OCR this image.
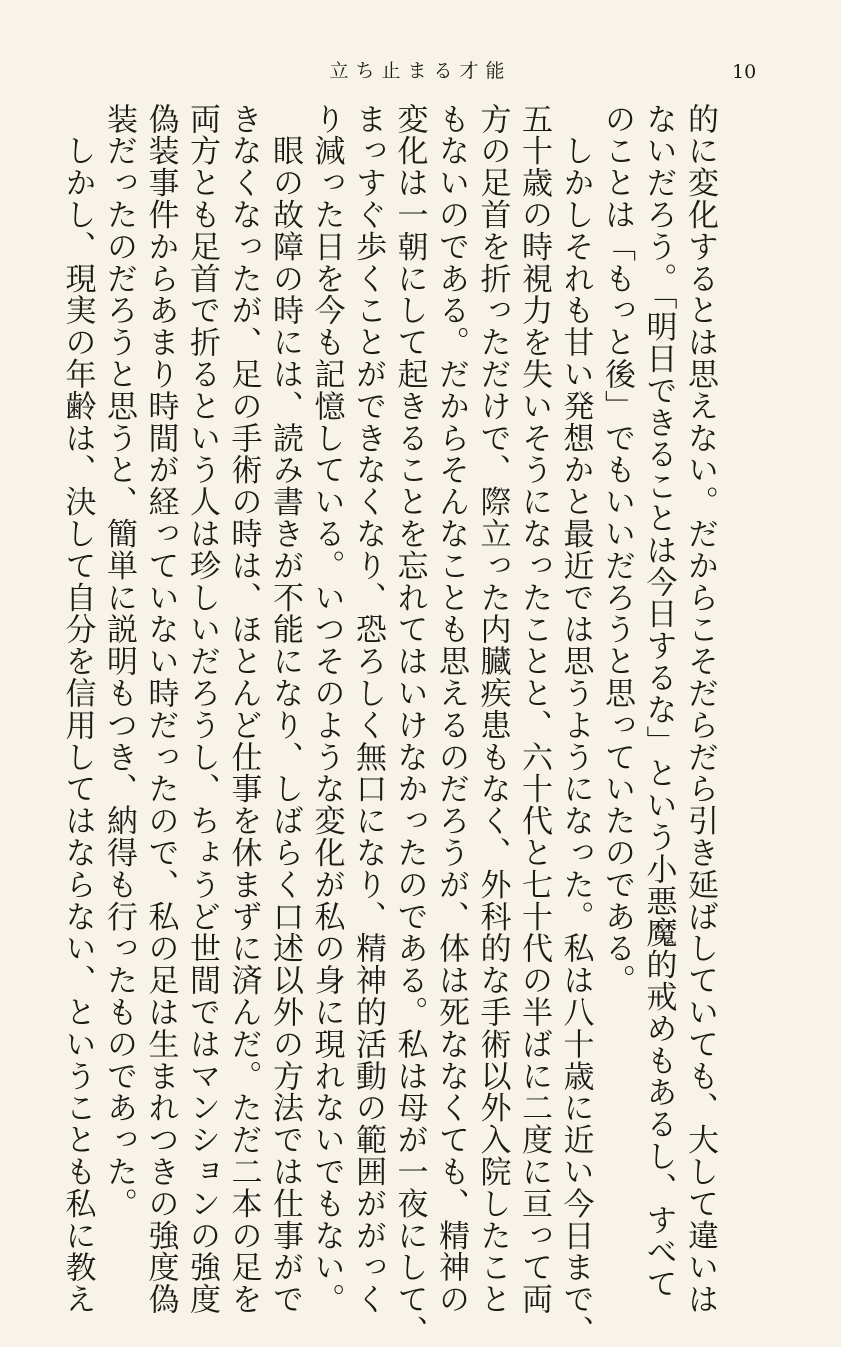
立ち止まる才能	10
的に変化するとは思えない。だからこそだらだら引き延ばしていても、大して違いは
ないだろう。「明日できることは今日するな」という小悪魔的戒めもあるし、すべて
のことは「もっと後」でもいいだろうと思っていたのである。
　しかしそれも甘い発想かと最近では思うようになった。私は八十歳に近い今日まで、
五十歳の時視力を失いそうになったことと、六十代と七十代の半ばに二度に亘って両
方の足首を折っただけで、際立った内臓疾患もなく、外科的な手術以外入院したこと
もないのである。だからそんなことも思えるのだろうが、体は死ななくても、精神の
変化は一朝にして起きることを忘れてはいけなかったのである。私は母が一夜にして、
まっすぐ歩くことができなくなり、恐ろしく無口になり、精神的活動の範囲ががっく
り減った日を今も記憶している。いつそのような変化が私の身に現れないでもない。
　眼の故障の時には、読み書きが不能になり、しばらく口述以外の方法では仕事がで
きなくなったが、足の手術の時は、ほとんど仕事を休まずに済んだ。ただ二本の足を
両方とも足首で折るという人は珍しいだろうし、ちょうど世間ではマンションの強度
偽装事件からあまり時間が経っていない時だったので、私の足は生まれつきの強度偽
装だったのだろうと思うと、簡単に説明もつき、納得も行ったものであった。
　しかし、現実の年齢は、決して自分を信用してはならない、ということも私に教え
